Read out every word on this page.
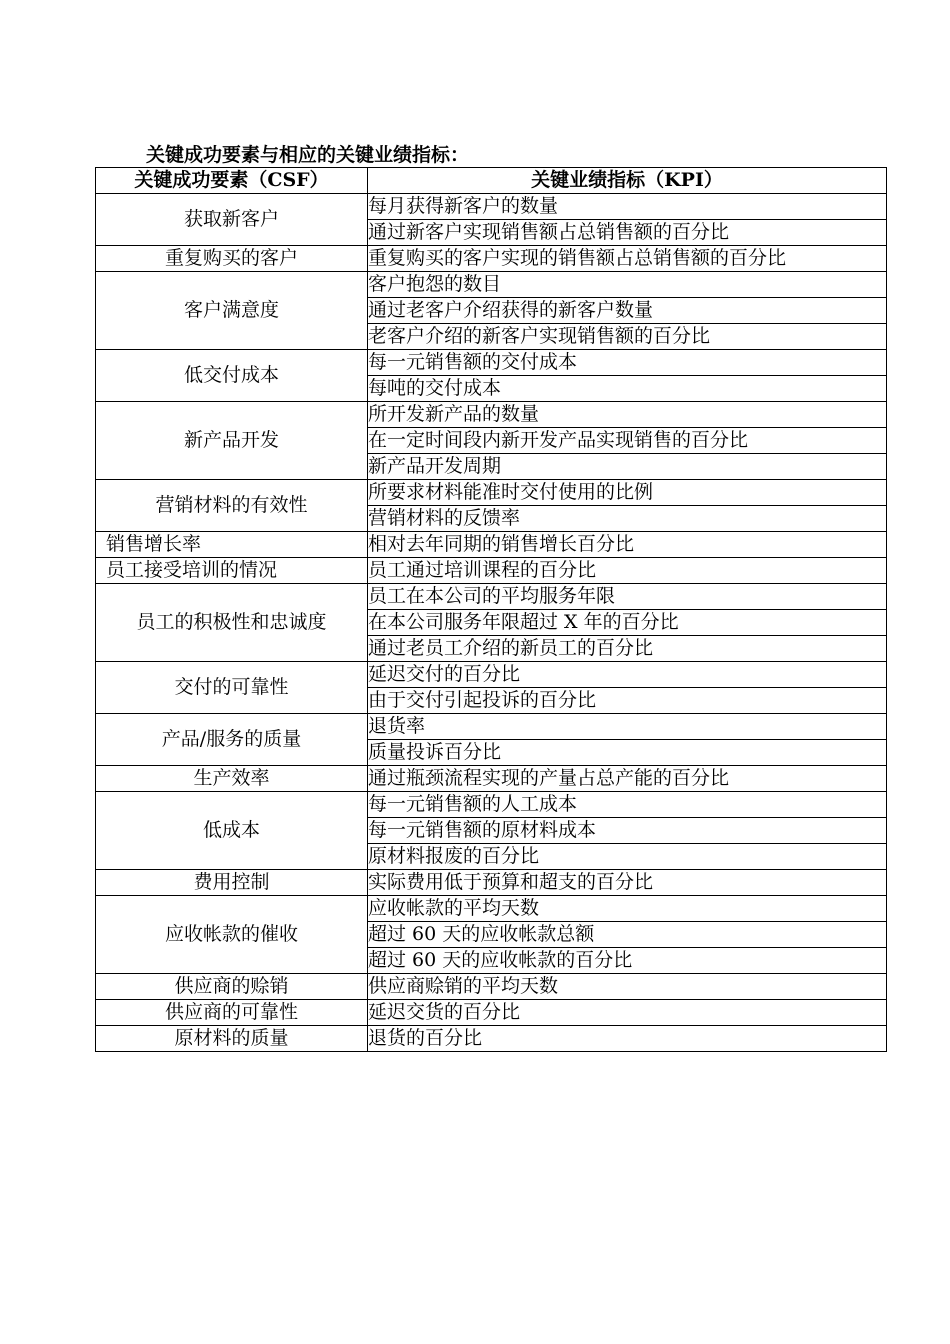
关键成功要素与相应的关键业绩指标：
关键成功要素（CSF）	关键业绩指标（KPI）
获取新客户	每月获得新客户的数量
	通过新客户实现销售额占总销售额的百分比
重复购买的客户	重复购买的客户实现的销售额占总销售额的百分比
客户满意度	客户抱怨的数目
	通过老客户介绍获得的新客户数量
	老客户介绍的新客户实现销售额的百分比
低交付成本	每一元销售额的交付成本
	每吨的交付成本
新产品开发	所开发新产品的数量
	在一定时间段内新开发产品实现销售的百分比
	新产品开发周期
营销材料的有效性	所要求材料能准时交付使用的比例
	营销材料的反馈率
销售增长率	相对去年同期的销售增长百分比
员工接受培训的情况	员工通过培训课程的百分比
员工的积极性和忠诚度	员工在本公司的平均服务年限
	在本公司服务年限超过 X 年的百分比
	通过老员工介绍的新员工的百分比
交付的可靠性	延迟交付的百分比
	由于交付引起投诉的百分比
产品/服务的质量	退货率
	质量投诉百分比
生产效率	通过瓶颈流程实现的产量占总产能的百分比
低成本	每一元销售额的人工成本
	每一元销售额的原材料成本
	原材料报废的百分比
费用控制	实际费用低于预算和超支的百分比
应收帐款的催收	应收帐款的平均天数
	超过 60 天的应收帐款总额
	超过 60 天的应收帐款的百分比
供应商的赊销	供应商赊销的平均天数
供应商的可靠性	延迟交货的百分比
原材料的质量	退货的百分比
